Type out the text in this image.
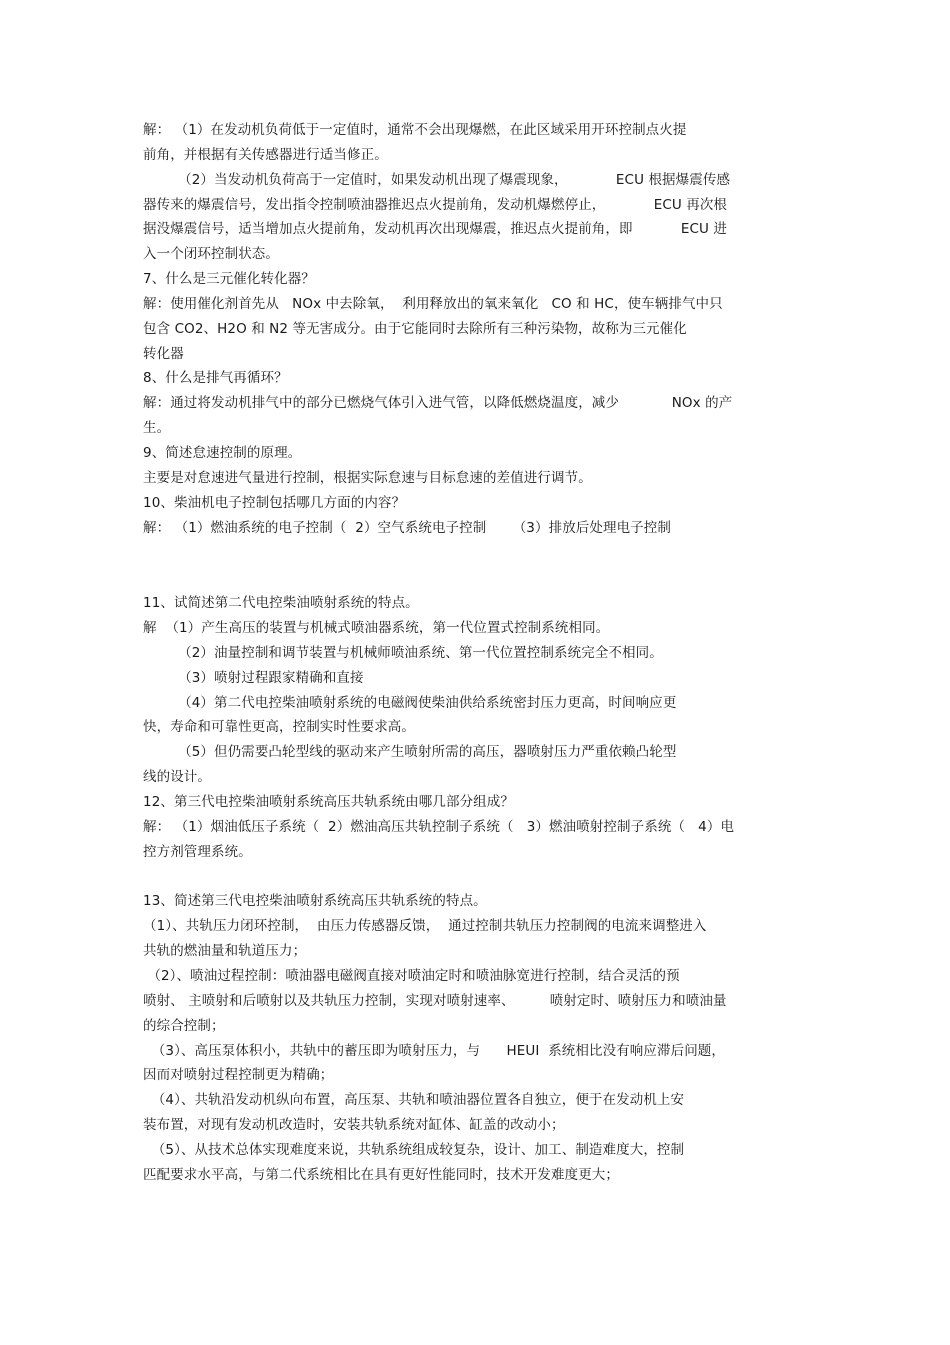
解： （1）在发动机负荷低于一定值时，通常不会出现爆燃，在此区域采用开环控制点火提
前角，并根据有关传感器进行适当修正。
（2）当发动机负荷高于一定值时，如果发动机出现了爆震现象，           ECU 根据爆震传感
器传来的爆震信号，发出指令控制喷油器推迟点火提前角，发动机爆燃停止，           ECU 再次根
据没爆震信号，适当增加点火提前角，发动机再次出现爆震，推迟点火提前角，即           ECU 进
入一个闭环控制状态。
7、什么是三元催化转化器？
解：使用催化剂首先从   NOx 中去除氧，  利用释放出的氧来氧化   CO 和 HC，使车辆排气中只
包含 CO2、H2O 和 N2 等无害成分。由于它能同时去除所有三种污染物，故称为三元催化
转化器
8、什么是排气再循环？
解：通过将发动机排气中的部分已燃烧气体引入进气管，以降低燃烧温度，减少            NOx 的产
生。
9、简述怠速控制的原理。
主要是对怠速进气量进行控制，根据实际怠速与目标怠速的差值进行调节。
10、柴油机电子控制包括哪几方面的内容？
解： （1）燃油系统的电子控制（  2）空气系统电子控制      （3）排放后处理电子控制
11、试简述第二代电控柴油喷射系统的特点。
解  （1）产生高压的装置与机械式喷油器系统，第一代位置式控制系统相同。
（2）油量控制和调节装置与机械师喷油系统、第一代位置控制系统完全不相同。
（3）喷射过程跟家精确和直接
（4）第二代电控柴油喷射系统的电磁阀使柴油供给系统密封压力更高，时间响应更
快，寿命和可靠性更高，控制实时性要求高。
（5）但仍需要凸轮型线的驱动来产生喷射所需的高压，器喷射压力严重依赖凸轮型
线的设计。
12、第三代电控柴油喷射系统高压共轨系统由哪几部分组成？
解： （1）烟油低压子系统（  2）燃油高压共轨控制子系统（   3）燃油喷射控制子系统（   4）电
控方剂管理系统。
13、简述第三代电控柴油喷射系统高压共轨系统的特点。
（1）、共轨压力闭环控制，  由压力传感器反馈，  通过控制共轨压力控制阀的电流来调整进入
共轨的燃油量和轨道压力；
（2）、喷油过程控制：喷油器电磁阀直接对喷油定时和喷油脉宽进行控制，结合灵活的预
喷射、 主喷射和后喷射以及共轨压力控制，实现对喷射速率、        喷射定时、喷射压力和喷油量
的综合控制；
（3）、高压泵体积小，共轨中的蓄压即为喷射压力，与      HEUI  系统相比没有响应滞后问题，
因而对喷射过程控制更为精确；
（4）、共轨沿发动机纵向布置，高压泵、共轨和喷油器位置各自独立，便于在发动机上安
装布置，对现有发动机改造时，安装共轨系统对缸体、缸盖的改动小；
（5）、从技术总体实现难度来说，共轨系统组成较复杂，设计、加工、制造难度大，控制
匹配要求水平高，与第二代系统相比在具有更好性能同时，技术开发难度更大；
